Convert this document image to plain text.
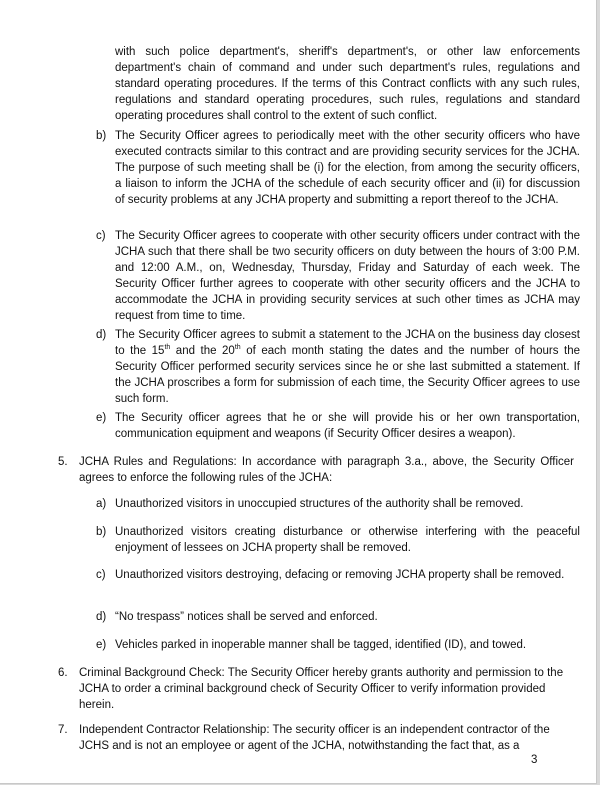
with such police department's, sheriff's department's, or other law enforcements department's chain of command and under such department's rules, regulations and standard operating procedures. If the terms of this Contract conflicts with any such rules, regulations and standard operating procedures, such rules, regulations and standard operating procedures shall control to the extent of such conflict.

b) The Security Officer agrees to periodically meet with the other security officers who have executed contracts similar to this contract and are providing security services for the JCHA. The purpose of such meeting shall be (i) for the election, from among the security officers, a liaison to inform the JCHA of the schedule of each security officer and (ii) for discussion of security problems at any JCHA property and submitting a report thereof to the JCHA.

c) The Security Officer agrees to cooperate with other security officers under contract with the JCHA such that there shall be two security officers on duty between the hours of 3:00 P.M. and 12:00 A.M., on, Wednesday, Thursday, Friday and Saturday of each week. The Security Officer further agrees to cooperate with other security officers and the JCHA to accommodate the JCHA in providing security services at such other times as JCHA may request from time to time.

d) The Security Officer agrees to submit a statement to the JCHA on the business day closest to the 15th and the 20th of each month stating the dates and the number of hours the Security Officer performed security services since he or she last submitted a statement. If the JCHA proscribes a form for submission of each time, the Security Officer agrees to use such form.

e) The Security officer agrees that he or she will provide his or her own transportation, communication equipment and weapons (if Security Officer desires a weapon).

5. JCHA Rules and Regulations: In accordance with paragraph 3.a., above, the Security Officer agrees to enforce the following rules of the JCHA:

a) Unauthorized visitors in unoccupied structures of the authority shall be removed.

b) Unauthorized visitors creating disturbance or otherwise interfering with the peaceful enjoyment of lessees on JCHA property shall be removed.

c) Unauthorized visitors destroying, defacing or removing JCHA property shall be removed.

d) “No trespass” notices shall be served and enforced.

e) Vehicles parked in inoperable manner shall be tagged, identified (ID), and towed.

6. Criminal Background Check: The Security Officer hereby grants authority and permission to the JCHA to order a criminal background check of Security Officer to verify information provided herein.

7. Independent Contractor Relationship: The security officer is an independent contractor of the JCHS and is not an employee or agent of the JCHA, notwithstanding the fact that, as a

3
